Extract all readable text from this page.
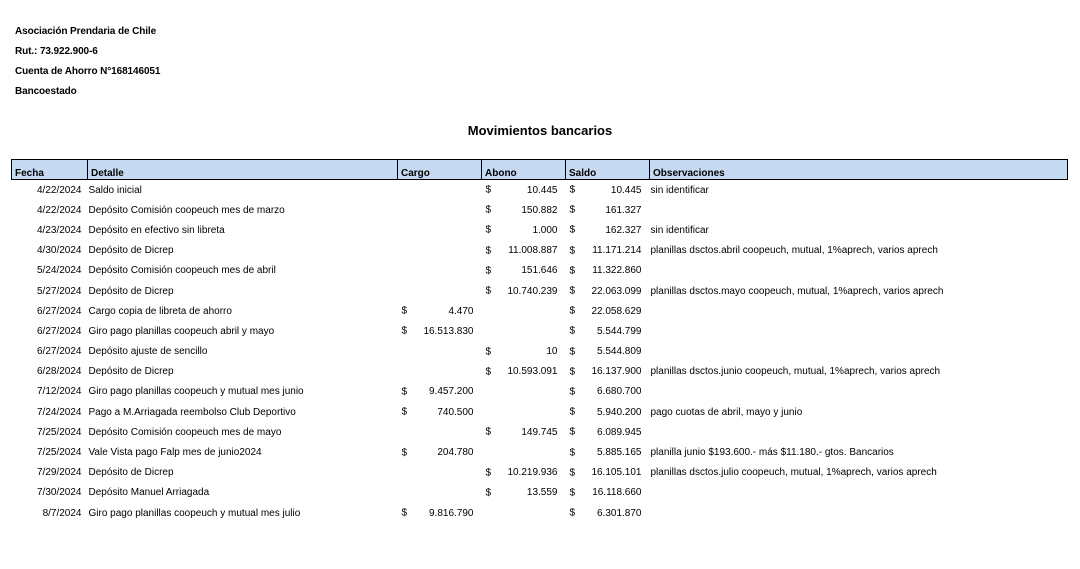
Asociación Prendaria de Chile
Rut.: 73.922.900-6
Cuenta de Ahorro N°168146051
Bancoestado
Movimientos bancarios
Fecha	Detalle	Cargo	Abono	Saldo	Observaciones
4/22/2024	Saldo inicial		$ 10.445	$ 10.445	sin identificar
4/22/2024	Depósito Comisión coopeuch mes de marzo		$ 150.882	$ 161.327	

4/23/2024	Depósito en efectivo sin libreta		$ 1.000	$ 162.327	sin identificar
4/30/2024	Depósito de Dicrep		$ 11.008.887	$ 11.171.214	planillas dsctos.abril coopeuch, mutual, 1%aprech, varios aprech
5/24/2024	Depósito Comisión coopeuch mes de abril		$ 151.646	$ 11.322.860	

5/27/2024	Depósito de Dicrep		$ 10.740.239	$ 22.063.099	planillas dsctos.mayo coopeuch, mutual, 1%aprech, varios aprech
6/27/2024	Cargo copia de libreta de ahorro	$ 4.470		$ 22.058.629	

6/27/2024	Giro pago planillas coopeuch abril y mayo	$ 16.513.830		$ 5.544.799	

6/27/2024	Depósito ajuste de sencillo		$ 10	$ 5.544.809	

6/28/2024	Depósito de Dicrep		$ 10.593.091	$ 16.137.900	planillas dsctos.junio coopeuch, mutual, 1%aprech, varios aprech
7/12/2024	Giro pago planillas coopeuch y mutual mes junio	$ 9.457.200		$ 6.680.700	

7/24/2024	Pago a M.Arriagada reembolso Club Deportivo	$ 740.500		$ 5.940.200	pago cuotas de abril, mayo y junio
7/25/2024	Depósito Comisión coopeuch mes de mayo		$ 149.745	$ 6.089.945	

7/25/2024	Vale Vista pago Falp mes de junio2024	$ 204.780		$ 5.885.165	planilla junio $193.600.- más $11.180.- gtos. Bancarios
7/29/2024	Depósito de Dicrep		$ 10.219.936	$ 16.105.101	planillas dsctos.julio coopeuch, mutual, 1%aprech, varios aprech
7/30/2024	Depósito Manuel Arriagada		$ 13.559	$ 16.118.660	

8/7/2024	Giro pago planillas coopeuch y mutual mes julio	$ 9.816.790		$ 6.301.870	
